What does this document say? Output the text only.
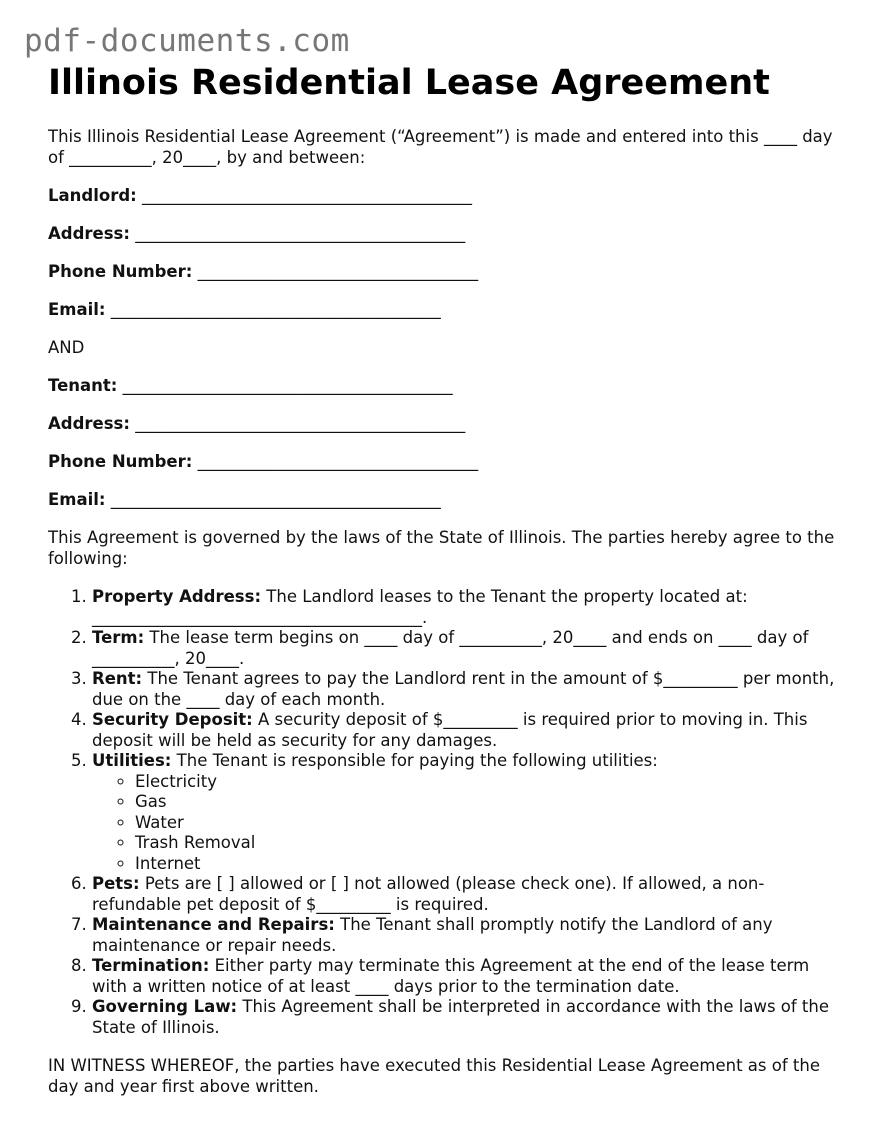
pdf-documents.com
Illinois Residential Lease Agreement

This Illinois Residential Lease Agreement (“Agreement”) is made and entered into this ____ day of __________, 20____, by and between:

Landlord: ________________________________________
Address: ________________________________________
Phone Number: __________________________________
Email: ________________________________________

AND

Tenant: ________________________________________
Address: ________________________________________
Phone Number: __________________________________
Email: ________________________________________

This Agreement is governed by the laws of the State of Illinois. The parties hereby agree to the following:

1. Property Address: The Landlord leases to the Tenant the property located at: ________________________________________.
2. Term: The lease term begins on ____ day of __________, 20____ and ends on ____ day of __________, 20____.
3. Rent: The Tenant agrees to pay the Landlord rent in the amount of $_________ per month, due on the ____ day of each month.
4. Security Deposit: A security deposit of $_________ is required prior to moving in. This deposit will be held as security for any damages.
5. Utilities: The Tenant is responsible for paying the following utilities:
◦ Electricity
◦ Gas
◦ Water
◦ Trash Removal
◦ Internet
6. Pets: Pets are [ ] allowed or [ ] not allowed (please check one). If allowed, a non-refundable pet deposit of $_________ is required.
7. Maintenance and Repairs: The Tenant shall promptly notify the Landlord of any maintenance or repair needs.
8. Termination: Either party may terminate this Agreement at the end of the lease term with a written notice of at least ____ days prior to the termination date.
9. Governing Law: This Agreement shall be interpreted in accordance with the laws of the State of Illinois.

IN WITNESS WHEREOF, the parties have executed this Residential Lease Agreement as of the day and year first above written.
